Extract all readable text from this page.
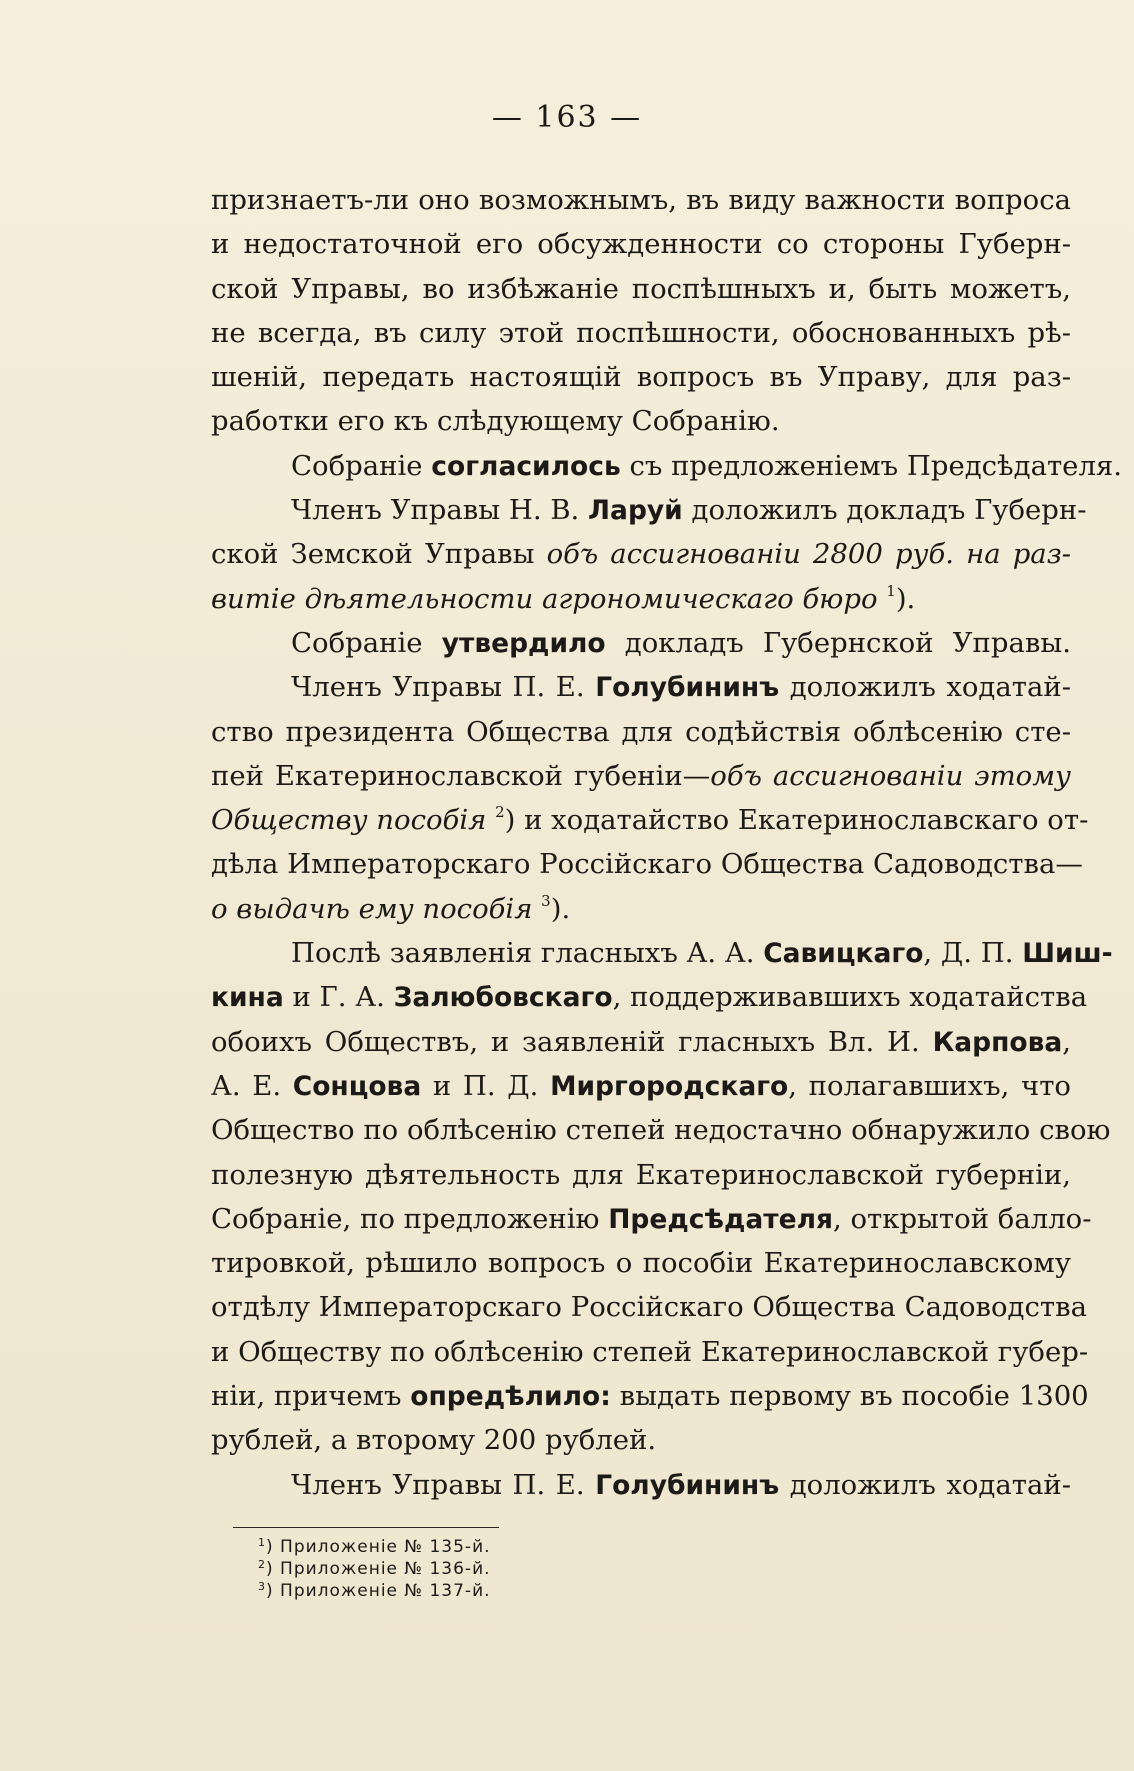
— 163 —
признаетъ-ли оно возможнымъ, въ виду важности вопроса
и недостаточной его обсужденности со стороны Губерн-
ской Управы, во избѣжаніе поспѣшныхъ и, быть можетъ,
не всегда, въ силу этой поспѣшности, обоснованныхъ рѣ-
шеній, передать настоящій вопросъ въ Управу, для раз-
работки его къ слѣдующему Собранію.
Собраніе согласилось съ предложеніемъ Предсѣдателя.
Членъ Управы Н. В. Ларуй доложилъ докладъ Губерн-
ской Земской Управы объ ассигнованіи 2800 руб. на раз-
витіе дѣятельности агрономическаго бюро $^1$).
Собраніе утвердило докладъ Губернской Управы.
Членъ Управы П. Е. Голубининъ доложилъ ходатай-
ство президента Общества для содѣйствія облѣсенію сте-
пей Екатеринославской губеніи—объ ассигнованіи этому
Обществу пособія $^2$) и ходатайство Екатеринославскаго от-
дѣла Императорскаго Россійскаго Общества Садоводства—
о выдачѣ ему пособія $^3$).
Послѣ заявленія гласныхъ А. А. Савицкаго, Д. П. Шиш-
кина и Г. А. Залюбовскаго, поддерживавшихъ ходатайства
обоихъ Обществъ, и заявленій гласныхъ Вл. И. Карпова,
А. Е. Сонцова и П. Д. Миргородскаго, полагавшихъ, что
Общество по облѣсенію степей недостачно обнаружило свою
полезную дѣятельность для Екатеринославской губерніи,
Собраніе, по предложенію Предсѣдателя, открытой балло-
тировкой, рѣшило вопросъ о пособіи Екатеринославскому
отдѣлу Императорскаго Россійскаго Общества Садоводства
и Обществу по облѣсенію степей Екатеринославской губер-
ніи, причемъ опредѣлило: выдать первому въ пособіе 1300
рублей, а второму 200 рублей.
Членъ Управы П. Е. Голубининъ доложилъ ходатай-
$^1$) Приложеніе № 135-й.
$^2$) Приложеніе № 136-й.
$^3$) Приложеніе № 137-й.
